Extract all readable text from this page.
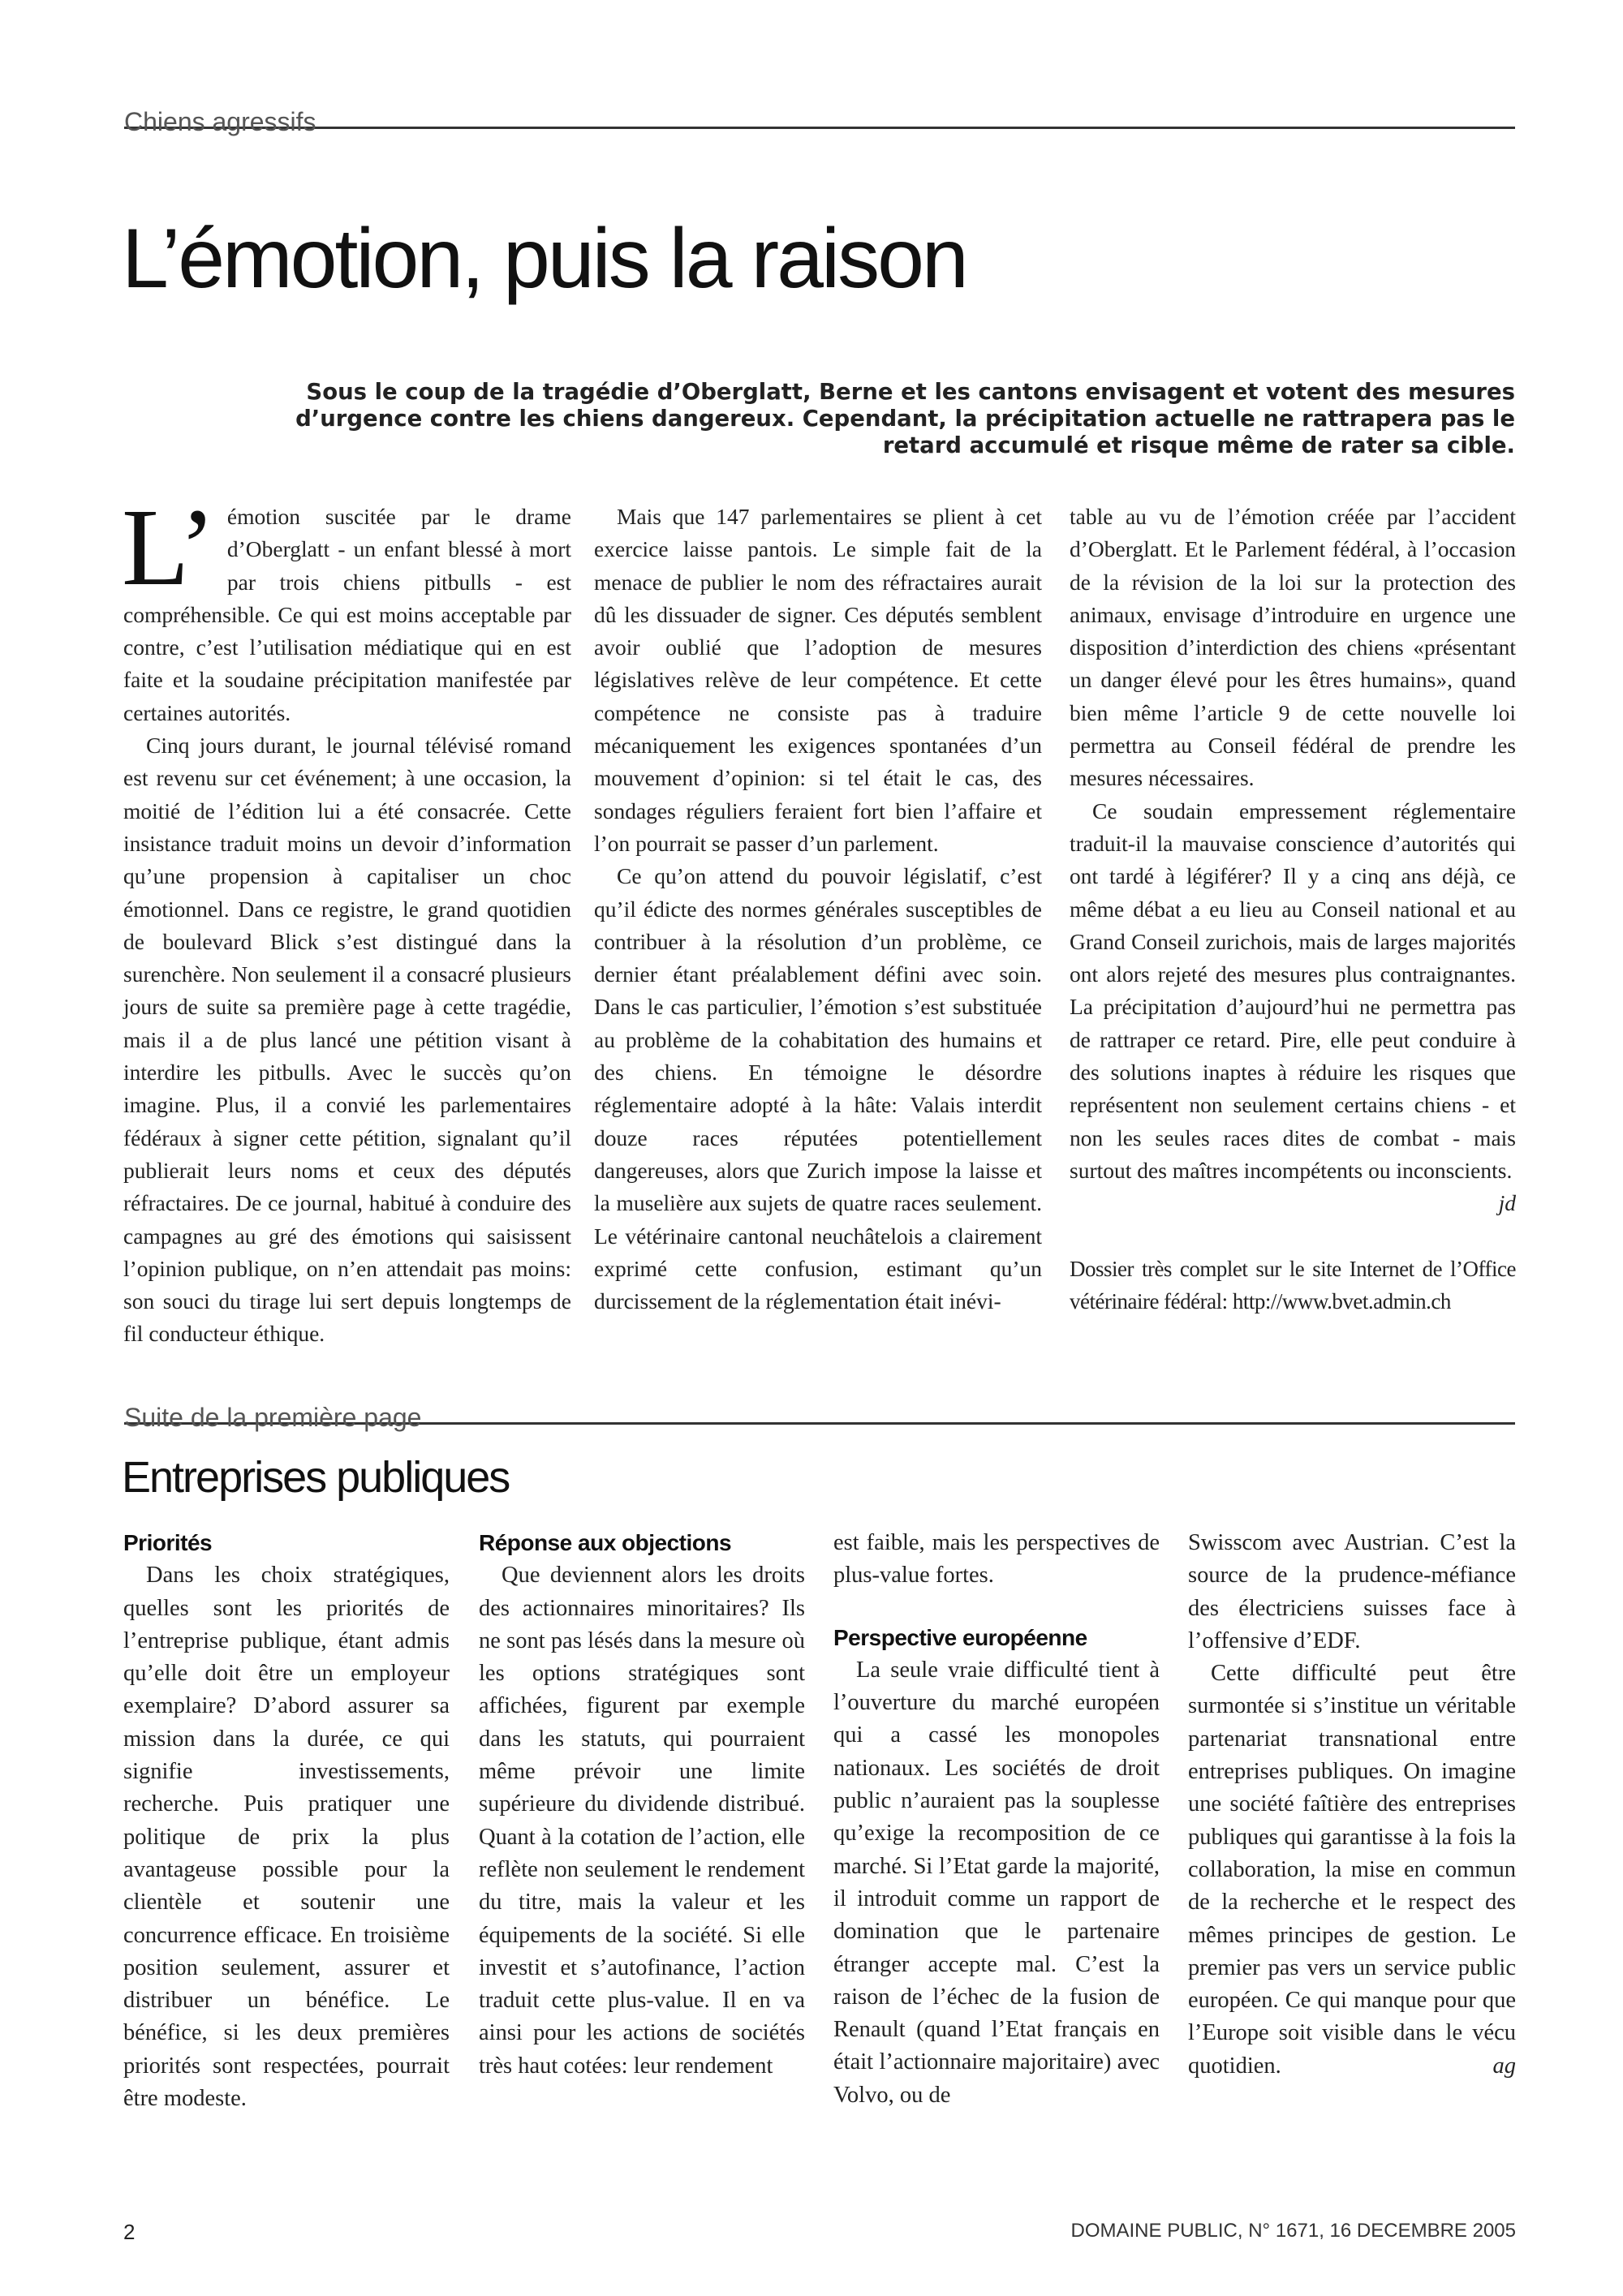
Chiens agressifs
L’émotion, puis la raison

Sous le coup de la tragédie d’Oberglatt, Berne et les cantons envisagent et votent des mesures d’urgence contre les chiens dangereux. Cependant, la précipitation actuelle ne rattrapera pas le retard accumulé et risque même de rater sa cible.

L’ émotion suscitée par le drame d’Oberglatt - un enfant blessé à mort par trois chiens pitbulls - est compréhensible. Ce qui est moins acceptable par contre, c’est l’utilisation médiatique qui en est faite et la soudaine précipitation manifestée par certaines autorités.

Cinq jours durant, le journal télévisé romand est revenu sur cet événement; à une occasion, la moitié de l’édition lui a été consacrée. Cette insistance traduit moins un devoir d’information qu’une propension à capitaliser un choc émotionnel. Dans ce registre, le grand quotidien de boulevard Blick s’est distingué dans la surenchère. Non seulement il a consacré plusieurs jours de suite sa première page à cette tragédie, mais il a de plus lancé une pétition visant à interdire les pitbulls. Avec le succès qu’on imagine. Plus, il a convié les parlementaires fédéraux à signer cette pétition, signalant qu’il publierait leurs noms et ceux des députés réfractaires. De ce journal, habitué à conduire des campagnes au gré des émotions qui saisissent l’opinion publique, on n’en attendait pas moins: son souci du tirage lui sert depuis longtemps de fil conducteur éthique.

Mais que 147 parlementaires se plient à cet exercice laisse pantois. Le simple fait de la menace de publier le nom des réfractaires aurait dû les dissuader de signer. Ces députés semblent avoir oublié que l’adoption de mesures législatives relève de leur compétence. Et cette compétence ne consiste pas à traduire mécaniquement les exigences spontanées d’un mouvement d’opinion: si tel était le cas, des sondages réguliers feraient fort bien l’affaire et l’on pourrait se passer d’un parlement.

Ce qu’on attend du pouvoir législatif, c’est qu’il édicte des normes générales susceptibles de contribuer à la résolution d’un problème, ce dernier étant préalablement défini avec soin. Dans le cas particulier, l’émotion s’est substituée au problème de la cohabitation des humains et des chiens. En témoigne le désordre réglementaire adopté à la hâte: Valais interdit douze races réputées potentiellement dangereuses, alors que Zurich impose la laisse et la muselière aux sujets de quatre races seulement. Le vétérinaire cantonal neuchâtelois a clairement exprimé cette confusion, estimant qu’un durcissement de la réglementation était inévi-

table au vu de l’émotion créée par l’accident d’Oberglatt. Et le Parlement fédéral, à l’occasion de la révision de la loi sur la protection des animaux, envisage d’introduire en urgence une disposition d’interdiction des chiens «présentant un danger élevé pour les êtres humains», quand bien même l’article 9 de cette nouvelle loi permettra au Conseil fédéral de prendre les mesures nécessaires.

Ce soudain empressement réglementaire traduit-il la mauvaise conscience d’autorités qui ont tardé à légiférer? Il y a cinq ans déjà, ce même débat a eu lieu au Conseil national et au Grand Conseil zurichois, mais de larges majorités ont alors rejeté des mesures plus contraignantes. La précipitation d’aujourd’hui ne permettra pas de rattraper ce retard. Pire, elle peut conduire à des solutions inaptes à réduire les risques que représentent non seulement certains chiens - et non les seules races dites de combat - mais surtout des maîtres incompétents ou inconscients.

jd

Dossier très complet sur le site Internet de l’Office vétérinaire fédéral: http://www.bvet.admin.ch

Suite de la première page
Entreprises publiques
Priorités

Dans les choix stratégiques, quelles sont les priorités de l’entreprise publique, étant admis qu’elle doit être un employeur exemplaire? D’abord assurer sa mission dans la durée, ce qui signifie investissements, recherche. Puis pratiquer une politique de prix la plus avantageuse possible pour la clientèle et soutenir une concurrence efficace. En troisième position seulement, assurer et distribuer un bénéfice. Le bénéfice, si les deux premières priorités sont respectées, pourrait être modeste.

Réponse aux objections

Que deviennent alors les droits des actionnaires minoritaires? Ils ne sont pas lésés dans la mesure où les options stratégiques sont affichées, figurent par exemple dans les statuts, qui pourraient même prévoir une limite supérieure du dividende distribué. Quant à la cotation de l’action, elle reflète non seulement le rendement du titre, mais la valeur et les équipements de la société. Si elle investit et s’autofinance, l’action traduit cette plus-value. Il en va ainsi pour les actions de sociétés très haut cotées: leur rendement

est faible, mais les perspectives de plus-value fortes.

Perspective européenne

La seule vraie difficulté tient à l’ouverture du marché européen qui a cassé les monopoles nationaux. Les sociétés de droit public n’auraient pas la souplesse qu’exige la recomposition de ce marché. Si l’Etat garde la majorité, il introduit comme un rapport de domination que le partenaire étranger accepte mal. C’est la raison de l’échec de la fusion de Renault (quand l’Etat français en était l’actionnaire majoritaire) avec Volvo, ou de

Swisscom avec Austrian. C’est la source de la prudence-méfiance des électriciens suisses face à l’offensive d’EDF.

Cette difficulté peut être surmontée si s’institue un véritable partenariat transnational entre entreprises publiques. On imagine une société faîtière des entreprises publiques qui garantisse à la fois la collaboration, la mise en commun de la recherche et le respect des mêmes principes de gestion. Le premier pas vers un service public européen. Ce qui manque pour que l’Europe soit visible dans le vécu quotidien.	ag

2	DOMAINE PUBLIC, N° 1671, 16 DECEMBRE 2005
